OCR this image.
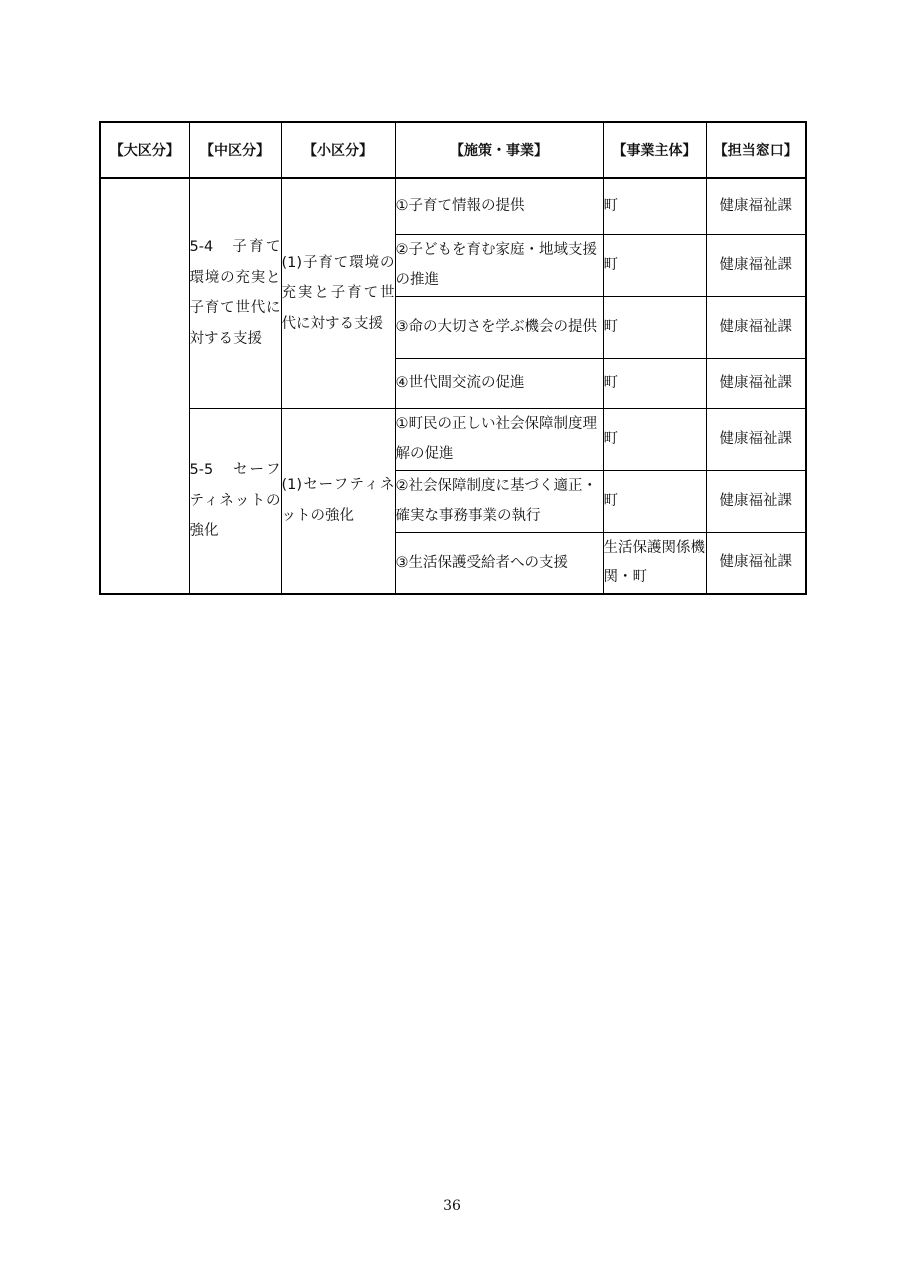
【大区分】	【中区分】	【小区分】	【施策・事業】	【事業主体】	【担当窓口】
	5-4　子育て環境の充実と子育て世代に対する支援	(1)子育て環境の充実と子育て世代に対する支援	①子育て情報の提供	町	健康福祉課
			②子どもを育む家庭・地域支援の推進	町	健康福祉課
			③命の大切さを学ぶ機会の提供	町	健康福祉課
			④世代間交流の促進	町	健康福祉課
	5-5　セーフティネットの強化	(1)セーフティネットの強化	①町民の正しい社会保障制度理解の促進	町	健康福祉課
			②社会保障制度に基づく適正・確実な事務事業の執行	町	健康福祉課
			③生活保護受給者への支援	生活保護関係機関・町	健康福祉課
36
